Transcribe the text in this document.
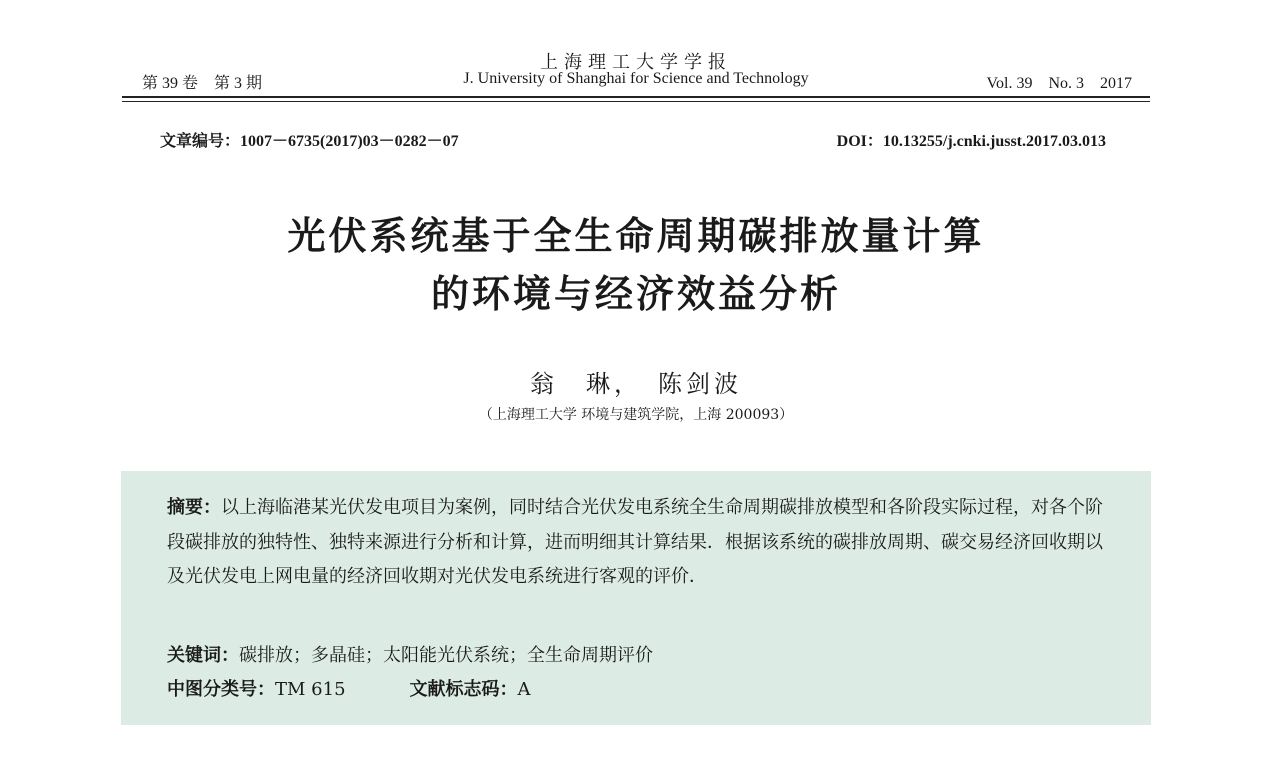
上海理工大学学报
第 39 卷　第 3 期	J. University of Shanghai for Science and Technology	Vol. 39　No. 3　2017
文章编号：1007－6735(2017)03－0282－07	DOI：10.13255/j.cnki.jusst.2017.03.013
光伏系统基于全生命周期碳排放量计算
的环境与经济效益分析
翁　琳，　陈剑波
（上海理工大学 环境与建筑学院，上海 200093）
摘要：以上海临港某光伏发电项目为案例，同时结合光伏发电系统全生命周期碳排放模型和各阶段实际过程，对各个阶段碳排放的独特性、独特来源进行分析和计算，进而明细其计算结果．根据该系统的碳排放周期、碳交易经济回收期以及光伏发电上网电量的经济回收期对光伏发电系统进行客观的评价．
关键词：碳排放；多晶硅；太阳能光伏系统；全生命周期评价
中图分类号：TM 615	文献标志码：A
